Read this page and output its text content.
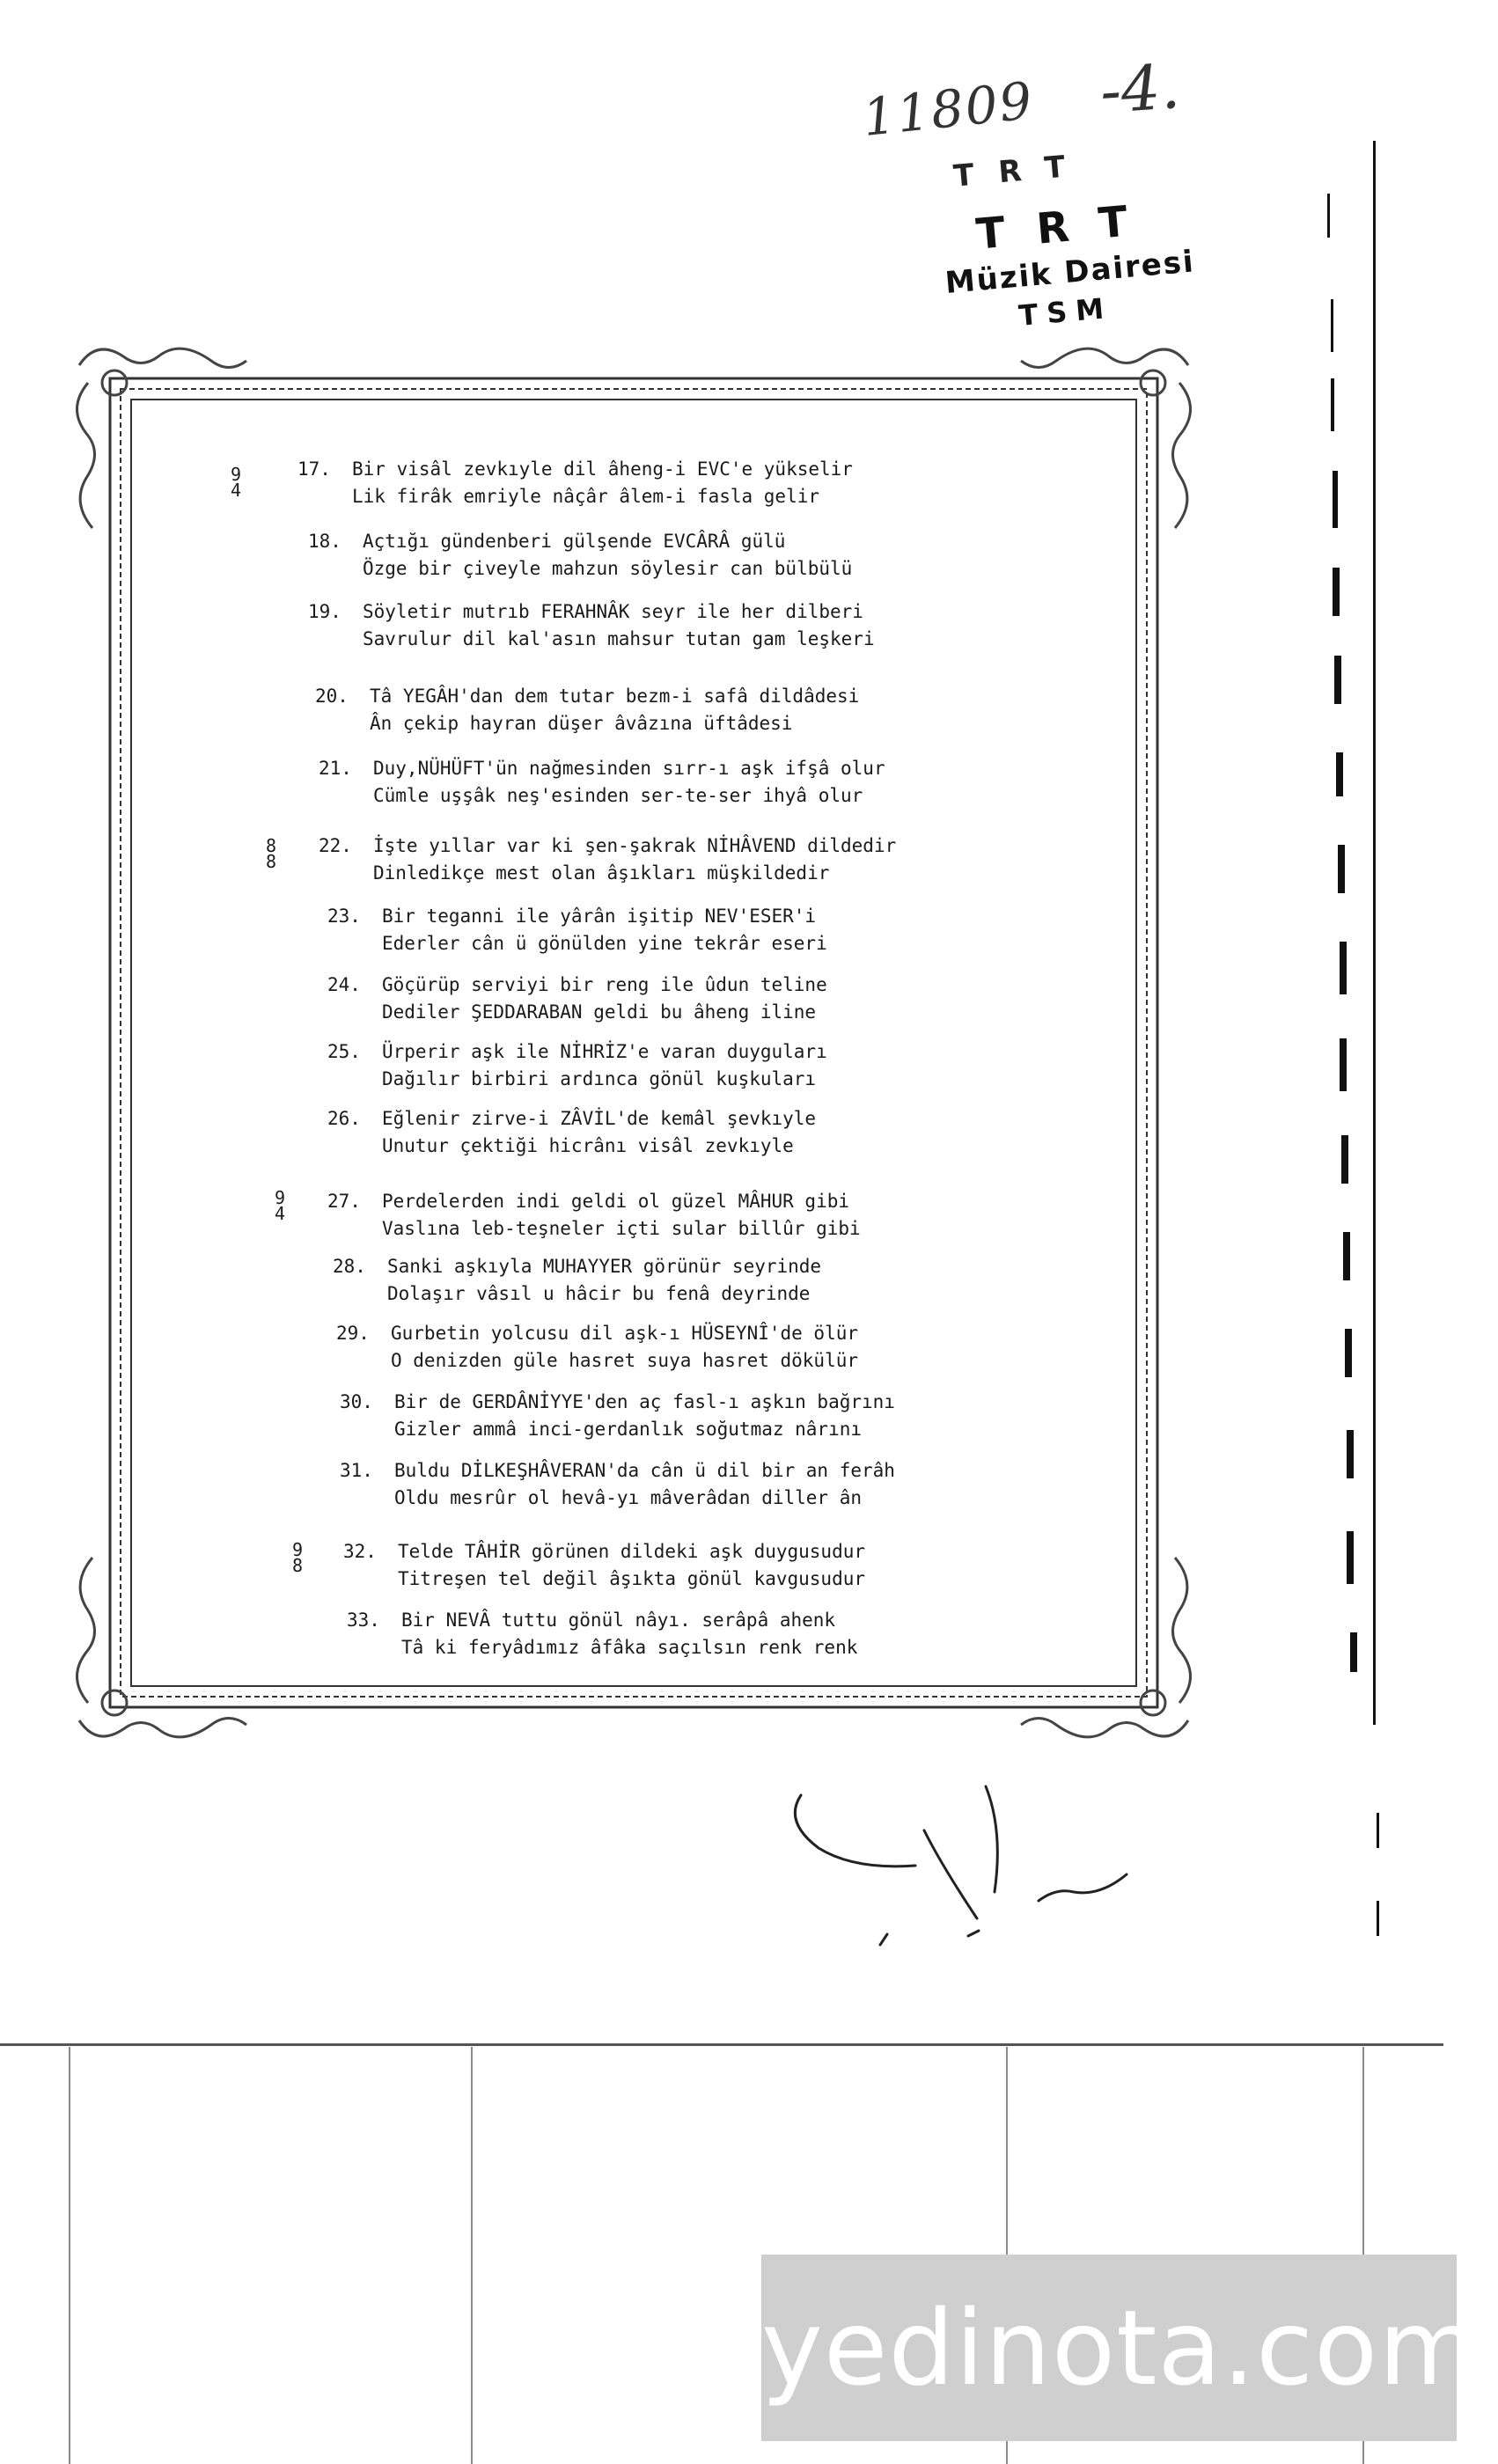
11809 -4.
TRT
TRT
Müzik Dairesi
TSM
9
4
8
8
9
4
9
8
17. Bir visâl zevkıyle dil âheng-i EVC'e yükselir
Lik firâk emriyle nâçâr âlem-i fasla gelir
18. Açtığı gündenberi gülşende EVCÂRÂ gülü
Özge bir çiveyle mahzun söylesir can bülbülü
19. Söyletir mutrıb FERAHNÂK seyr ile her dilberi
Savrulur dil kal'asın mahsur tutan gam leşkeri
20. Tâ YEGÂH'dan dem tutar bezm-i safâ dildâdesi
Ân çekip hayran düşer âvâzına üftâdesi
21. Duy,NÜHÜFT'ün nağmesinden sırr-ı aşk ifşâ olur
Cümle uşşâk neş'esinden ser-te-ser ihyâ olur
22. İşte yıllar var ki şen-şakrak NİHÂVEND dildedir
Dinledikçe mest olan âşıkları müşkildedir
23. Bir teganni ile yârân işitip NEV'ESER'i
Ederler cân ü gönülden yine tekrâr eseri
24. Göçürüp serviyi bir reng ile ûdun teline
Dediler ŞEDDARABAN geldi bu âheng iline
25. Ürperir aşk ile NİHRİZ'e varan duyguları
Dağılır birbiri ardınca gönül kuşkuları
26. Eğlenir zirve-i ZÂVİL'de kemâl şevkıyle
Unutur çektiği hicrânı visâl zevkıyle
27. Perdelerden indi geldi ol güzel MÂHUR gibi
Vaslına leb-teşneler içti sular billûr gibi
28. Sanki aşkıyla MUHAYYER görünür seyrinde
Dolaşır vâsıl u hâcir bu fenâ deyrinde
29. Gurbetin yolcusu dil aşk-ı HÜSEYNÎ'de ölür
O denizden güle hasret suya hasret dökülür
30. Bir de GERDÂNİYYE'den aç fasl-ı aşkın bağrını
Gizler ammâ inci-gerdanlık soğutmaz nârını
31. Buldu DİLKEŞHÂVERAN'da cân ü dil bir an ferâh
Oldu mesrûr ol hevâ-yı mâverâdan diller ân
32. Telde TÂHİR görünen dildeki aşk duygusudur
Titreşen tel değil âşıkta gönül kavgusudur
33. Bir NEVÂ tuttu gönül nâyı. serâpâ ahenk
Tâ ki feryâdımız âfâka saçılsın renk renk
yedinota.com
